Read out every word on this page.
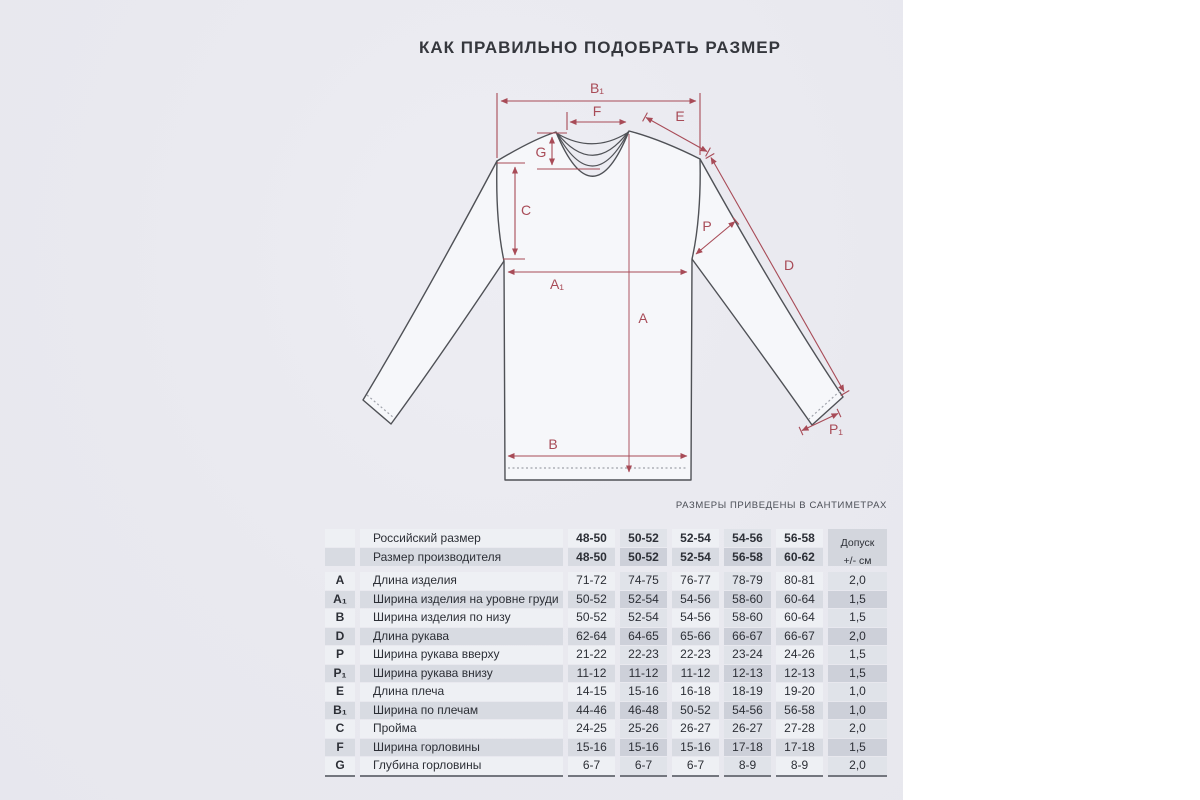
КАК ПРАВИЛЬНО ПОДОБРАТЬ РАЗМЕР
B₁
F	E
G
C
A₁
A
P
D
B
P₁
РАЗМЕРЫ ПРИВЕДЕНЫ В САНТИМЕТРАХ
Российский размер	48-50	50-52	52-54	54-56	56-58	Допуск
+/- см
Размер производителя	48-50	50-52	52-54	56-58	60-62
A	Длина изделия	71-72	74-75	76-77	78-79	80-81	2,0
A₁	Ширина изделия на уровне груди	50-52	52-54	54-56	58-60	60-64	1,5
B	Ширина изделия по низу	50-52	52-54	54-56	58-60	60-64	1,5
D	Длина рукава	62-64	64-65	65-66	66-67	66-67	2,0
P	Ширина рукава вверху	21-22	22-23	22-23	23-24	24-26	1,5
P₁	Ширина рукава внизу	11-12	11-12	11-12	12-13	12-13	1,5
E	Длина плеча	14-15	15-16	16-18	18-19	19-20	1,0
B₁	Ширина по плечам	44-46	46-48	50-52	54-56	56-58	1,0
C	Пройма	24-25	25-26	26-27	26-27	27-28	2,0
F	Ширина горловины	15-16	15-16	15-16	17-18	17-18	1,5
G	Глубина горловины	6-7	6-7	6-7	8-9	8-9	2,0
